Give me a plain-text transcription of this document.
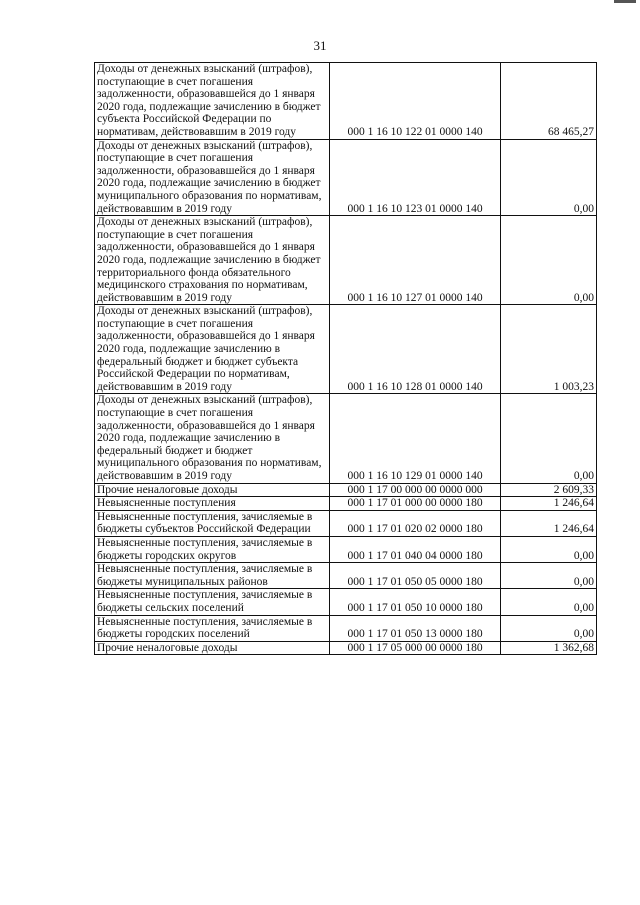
31
Доходы от денежных взысканий (штрафов), поступающие в счет погашения задолженности, образовавшейся до 1 января 2020 года, подлежащие зачислению в бюджет субъекта Российской Федерации по нормативам, действовавшим в 2019 году	000 1 16 10 122 01 0000 140	68 465,27

Доходы от денежных взысканий (штрафов), поступающие в счет погашения задолженности, образовавшейся до 1 января 2020 года, подлежащие зачислению в бюджет муниципального образования по нормативам, действовавшим в 2019 году	000 1 16 10 123 01 0000 140	0,00

Доходы от денежных взысканий (штрафов), поступающие в счет погашения задолженности, образовавшейся до 1 января 2020 года, подлежащие зачислению в бюджет территориального фонда обязательного медицинского страхования по нормативам, действовавшим в 2019 году	000 1 16 10 127 01 0000 140	0,00

Доходы от денежных взысканий (штрафов), поступающие в счет погашения задолженности, образовавшейся до 1 января 2020 года, подлежащие зачислению в федеральный бюджет и бюджет субъекта Российской Федерации по нормативам, действовавшим в 2019 году	000 1 16 10 128 01 0000 140	1 003,23

Доходы от денежных взысканий (штрафов), поступающие в счет погашения задолженности, образовавшейся до 1 января 2020 года, подлежащие зачислению в федеральный бюджет и бюджет муниципального образования по нормативам, действовавшим в 2019 году	000 1 16 10 129 01 0000 140	0,00

Прочие неналоговые доходы	000 1 17 00 000 00 0000 000	2 609,33

Невыясненные поступления	000 1 17 01 000 00 0000 180	1 246,64

Невыясненные поступления, зачисляемые в бюджеты субъектов Российской Федерации	000 1 17 01 020 02 0000 180	1 246,64

Невыясненные поступления, зачисляемые в бюджеты городских округов	000 1 17 01 040 04 0000 180	0,00

Невыясненные поступления, зачисляемые в бюджеты муниципальных районов	000 1 17 01 050 05 0000 180	0,00

Невыясненные поступления, зачисляемые в бюджеты сельских поселений	000 1 17 01 050 10 0000 180	0,00

Невыясненные поступления, зачисляемые в бюджеты городских поселений	000 1 17 01 050 13 0000 180	0,00

Прочие неналоговые доходы	000 1 17 05 000 00 0000 180	1 362,68
